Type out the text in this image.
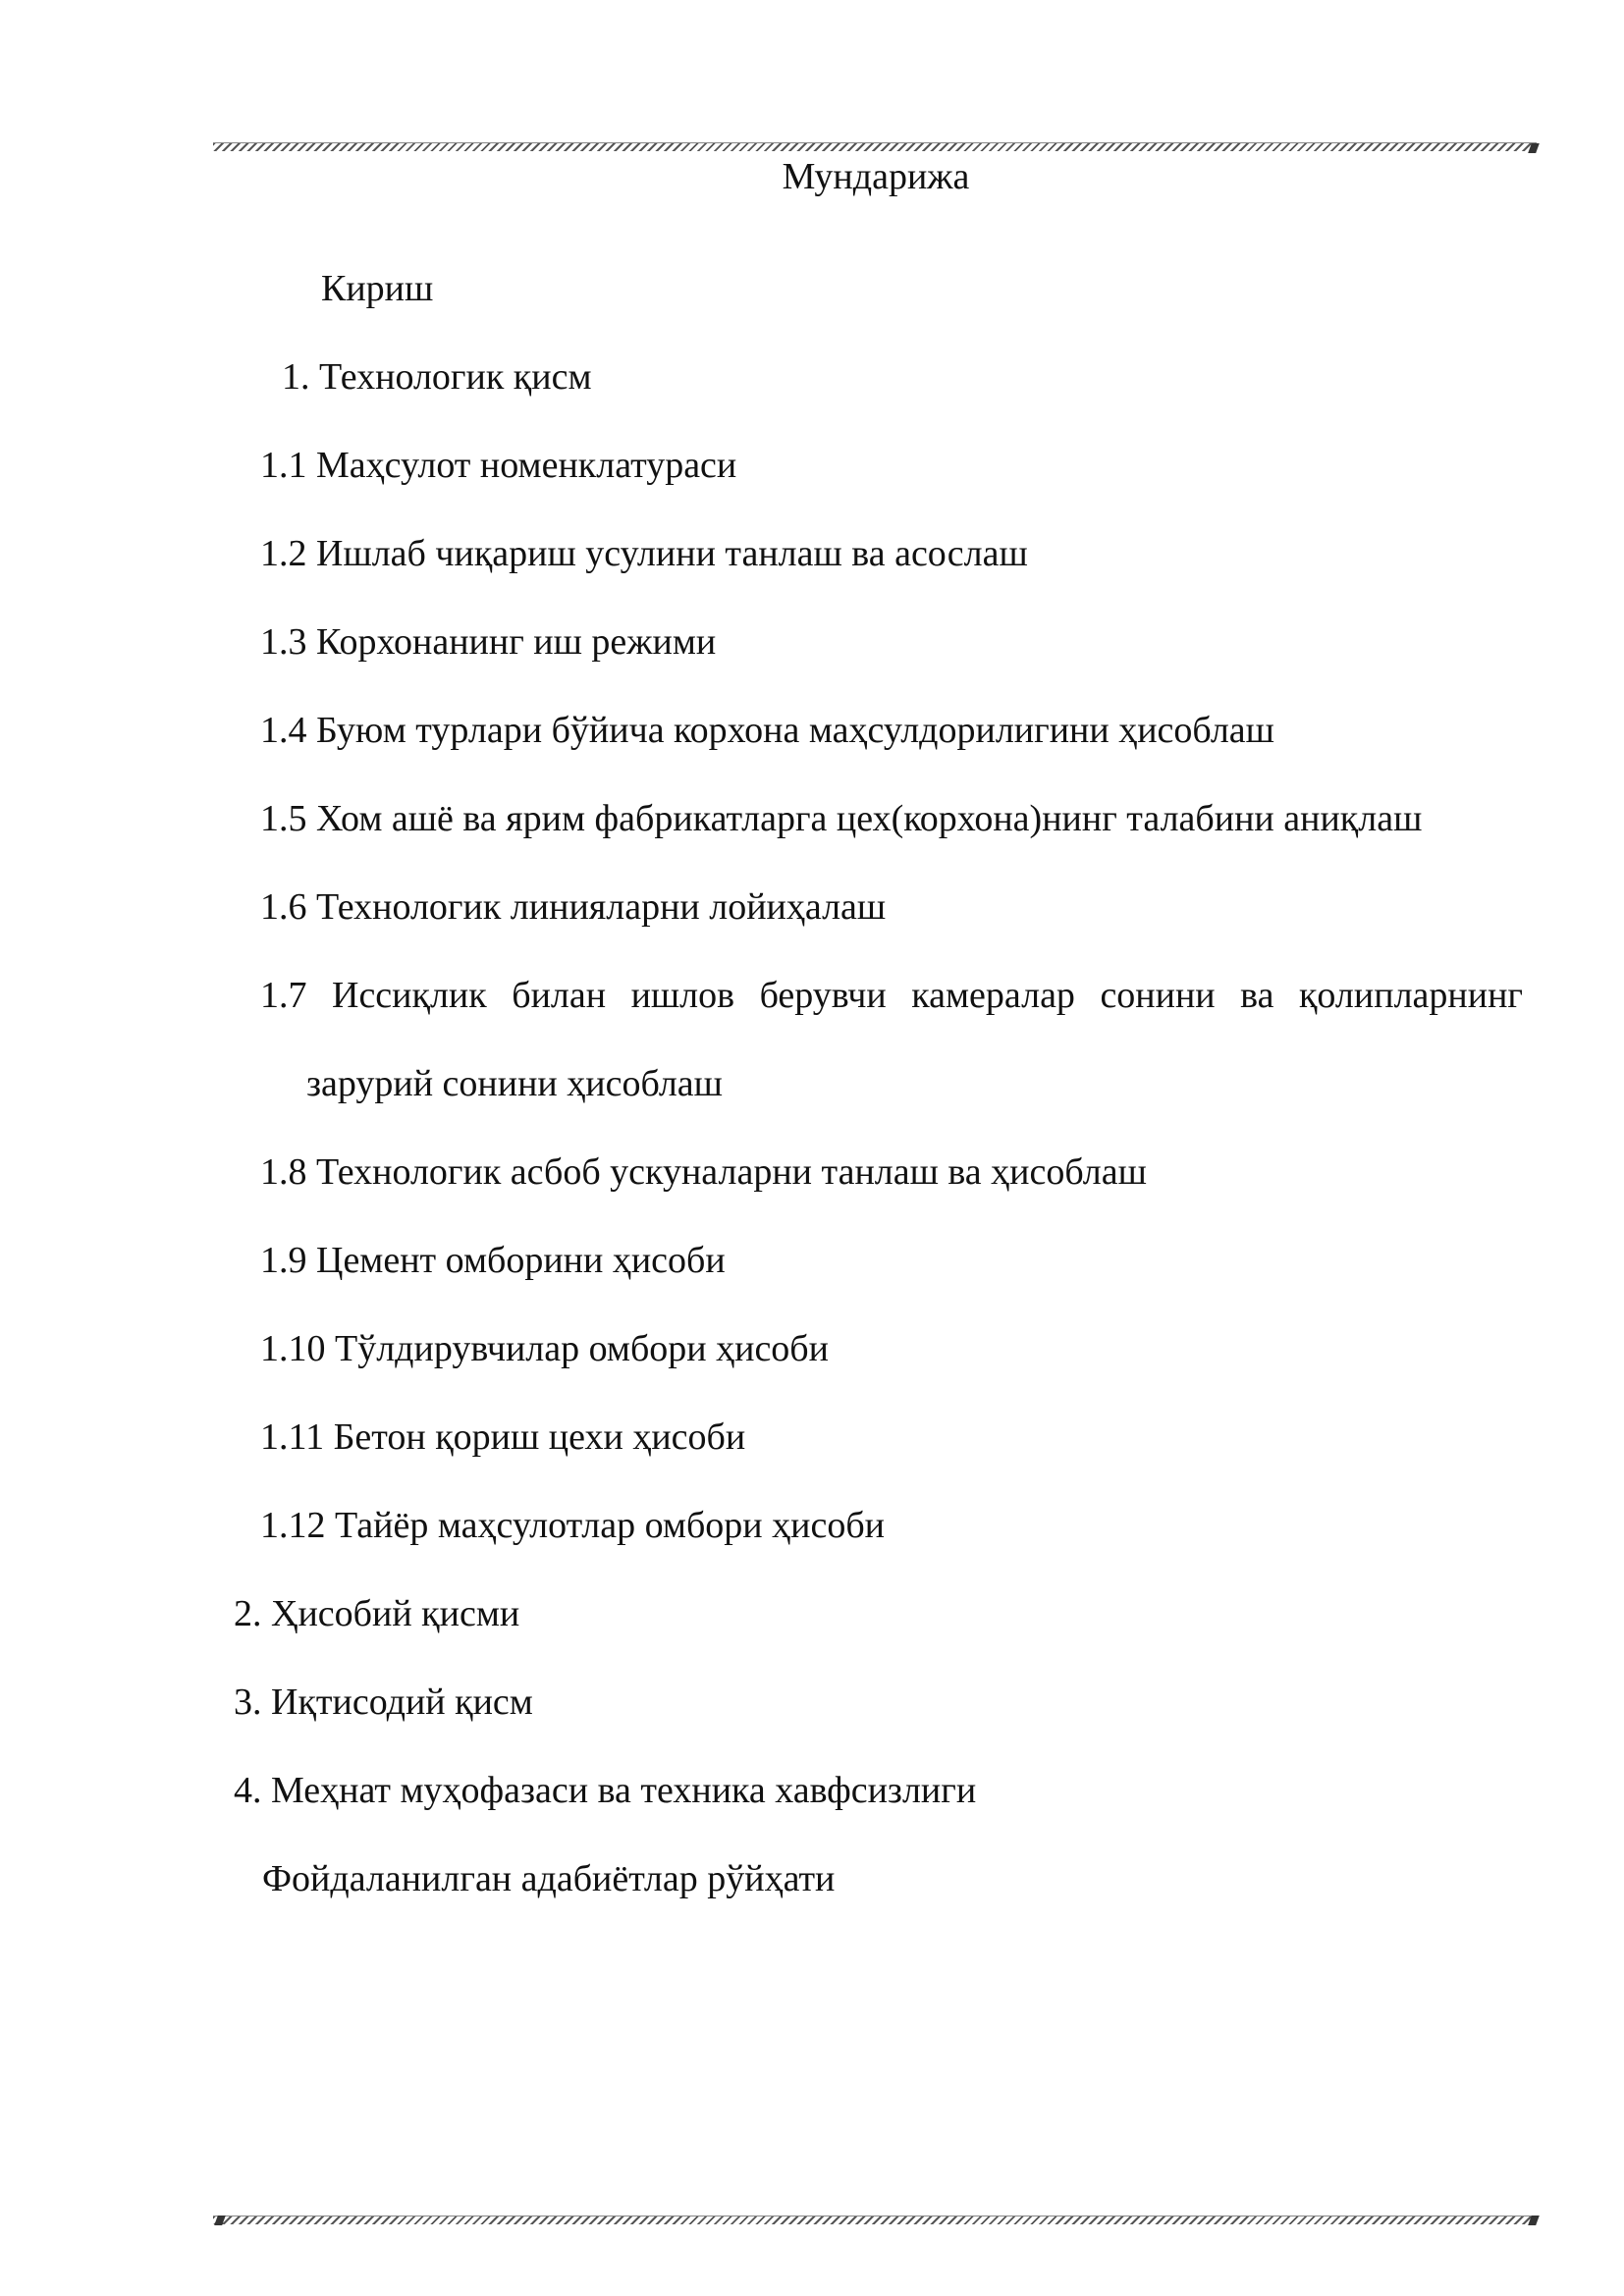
Мундарижа
Кириш
1. Технологик қисм
1.1 Маҳсулот номенклатураси
1.2 Ишлаб чиқариш усулини танлаш ва асослаш
1.3 Корхонанинг иш режими
1.4 Буюм турлари бўйича корхона маҳсулдорилигини ҳисоблаш
1.5 Хом ашё ва ярим фабрикатларга цех(корхона)нинг талабини аниқлаш
1.6 Технологик линияларни лойиҳалаш
1.7 Иссиқлик билан ишлов берувчи камералар сонини ва қолипларнинг
зарурий сонини ҳисоблаш
1.8 Технологик асбоб ускуналарни танлаш ва ҳисоблаш
1.9 Цемент омборини ҳисоби
1.10 Тўлдирувчилар омбори ҳисоби
1.11 Бетон қориш цехи ҳисоби
1.12 Тайёр маҳсулотлар омбори ҳисоби
2. Ҳисобий қисми
3. Иқтисодий қисм
4. Меҳнат муҳофазаси ва техника хавфсизлиги
Фойдаланилган адабиётлар рўйҳати
